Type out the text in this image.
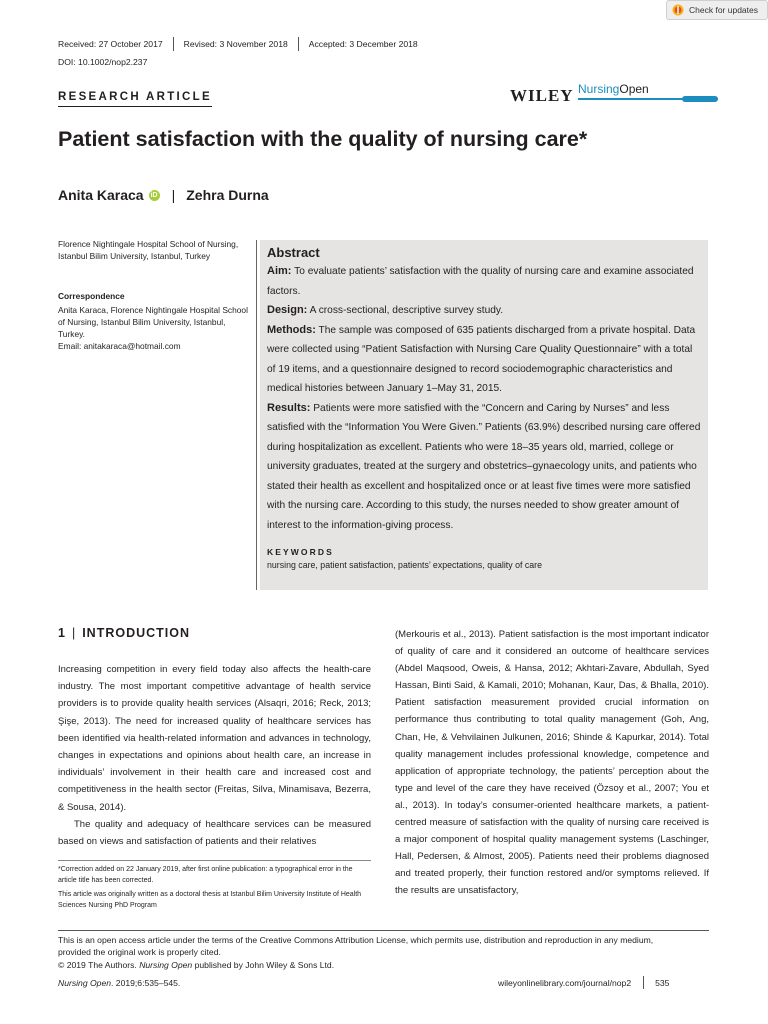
Check for updates
Received: 27 October 2017 Revised: 3 November 2018 Accepted: 3 December 2018
DOI: 10.1002/nop2.237
RESEARCH ARTICLE	WILEY NursingOpen
Patient satisfaction with the quality of nursing care*
Anita Karaca iD | Zehra Durna
Florence Nightingale Hospital School of Nursing, Istanbul Bilim University, Istanbul, Turkey
Correspondence
Anita Karaca, Florence Nightingale Hospital School of Nursing, Istanbul Bilim University, Istanbul, Turkey.
Email: anitakaraca@hotmail.com
Abstract

Aim: To evaluate patients’ satisfaction with the quality of nursing care and examine associated factors.
Design: A cross-sectional, descriptive survey study.
Methods: The sample was composed of 635 patients discharged from a private hospital. Data were collected using “Patient Satisfaction with Nursing Care Quality Questionnaire” with a total of 19 items, and a questionnaire designed to record sociodemographic characteristics and medical histories between January 1–May 31, 2015.
Results: Patients were more satisfied with the “Concern and Caring by Nurses” and less satisfied with the “Information You Were Given.” Patients (63.9%) described nursing care offered during hospitalization as excellent. Patients who were 18–35 years old, married, college or university graduates, treated at the surgery and obstetrics–gynaecology units, and patients who stated their health as excellent and hospitalized once or at least five times were more satisfied with the nursing care. According to this study, the nurses needed to show greater amount of interest to the information-giving process.

KEYWORDS
nursing care, patient satisfaction, patients’ expectations, quality of care
1 | INTRODUCTION

Increasing competition in every field today also affects the health-care industry. The most important competitive advantage of health service providers is to provide quality health services (Alsaqri, 2016; Reck, 2013; Şişe, 2013). The need for increased quality of healthcare services has been identified via health-related information and advances in technology, changes in expectations and opinions about health care, an increase in individuals’ involvement in their health care and increased cost and competitiveness in the health sector (Freitas, Silva, Minamisava, Bezerra, & Sousa, 2014).

The quality and adequacy of healthcare services can be measured based on views and satisfaction of patients and their relatives

(Merkouris et al., 2013). Patient satisfaction is the most important indicator of quality of care and it considered an outcome of healthcare services (Abdel Maqsood, Oweis, & Hansa, 2012; Akhtari-Zavare, Abdullah, Syed Hassan, Binti Said, & Kamali, 2010; Mohanan, Kaur, Das, & Bhalla, 2010). Patient satisfaction measurement provided crucial information on performance thus contributing to total quality management (Goh, Ang, Chan, He, & Vehvilainen Julkunen, 2016; Shinde & Kapurkar, 2014). Total quality management includes professional knowledge, competence and application of appropriate technology, the patients’ perception about the type and level of the care they have received (Özsoy et al., 2007; You et al., 2013). In today’s consumer-oriented healthcare markets, a patient-centred measure of satisfaction with the quality of nursing care received is a major component of hospital quality management systems (Laschinger, Hall, Pedersen, & Almost, 2005). Patients need their problems diagnosed and treated properly, their function restored and/or symptoms relieved. If the results are unsatisfactory,

*Correction added on 22 January 2019, after first online publication: a typographical error in the article title has been corrected.
This article was originally written as a doctoral thesis at Istanbul Bilim University Institute of Health Sciences Nursing PhD Program
This is an open access article under the terms of the Creative Commons Attribution License, which permits use, distribution and reproduction in any medium,
provided the original work is properly cited.
© 2019 The Authors. Nursing Open published by John Wiley & Sons Ltd.
Nursing Open. 2019;6:535–545.	wileyonlinelibrary.com/journal/nop2	535
